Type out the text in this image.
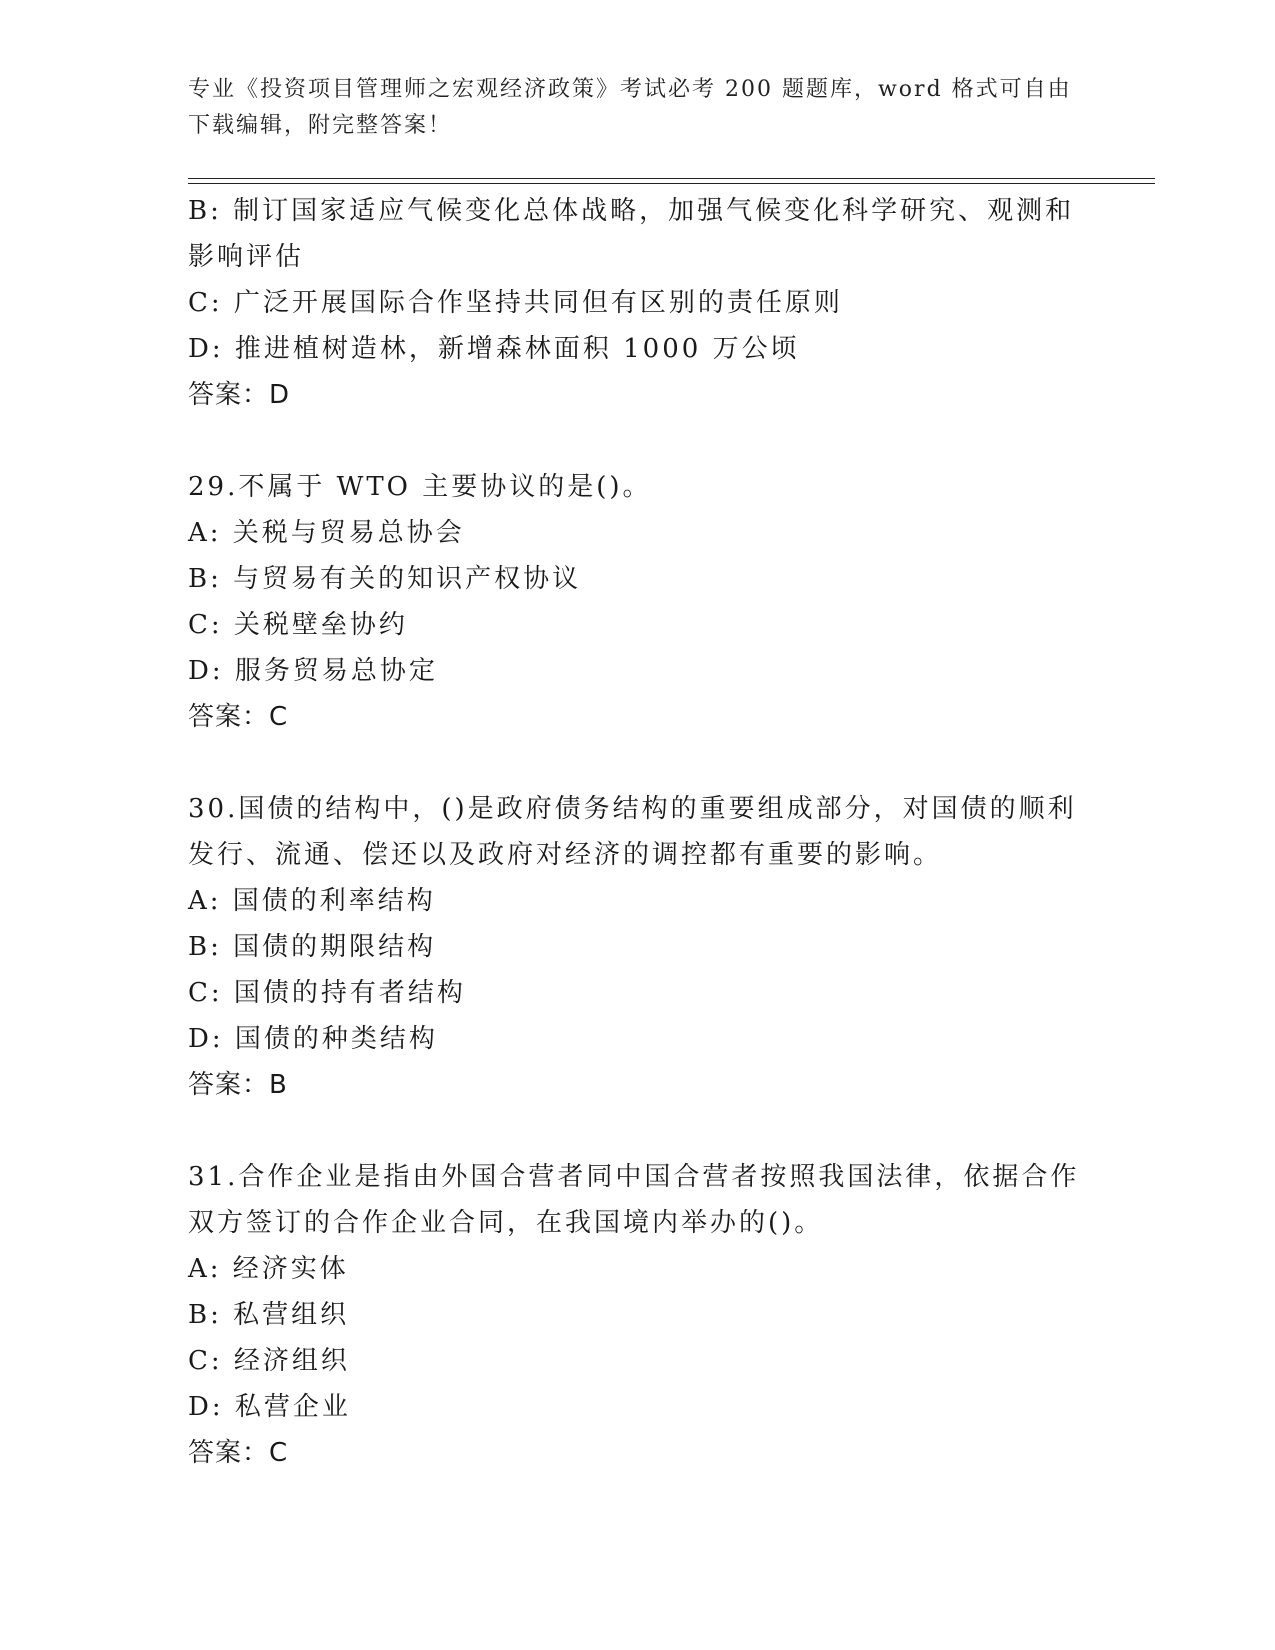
专业《投资项目管理师之宏观经济政策》考试必考 200 题题库，word 格式可自由
下载编辑，附完整答案！
B: 制订国家适应气候变化总体战略，加强气候变化科学研究、观测和
影响评估
C: 广泛开展国际合作坚持共同但有区别的责任原则
D: 推进植树造林，新增森林面积 1000 万公顷
答案：D
29.不属于 WTO 主要协议的是()。
A: 关税与贸易总协会
B: 与贸易有关的知识产权协议
C: 关税壁垒协约
D: 服务贸易总协定
答案：C
30.国债的结构中，()是政府债务结构的重要组成部分，对国债的顺利
发行、流通、偿还以及政府对经济的调控都有重要的影响。
A: 国债的利率结构
B: 国债的期限结构
C: 国债的持有者结构
D: 国债的种类结构
答案：B
31.合作企业是指由外国合营者同中国合营者按照我国法律，依据合作
双方签订的合作企业合同，在我国境内举办的()。
A: 经济实体
B: 私营组织
C: 经济组织
D: 私营企业
答案：C
